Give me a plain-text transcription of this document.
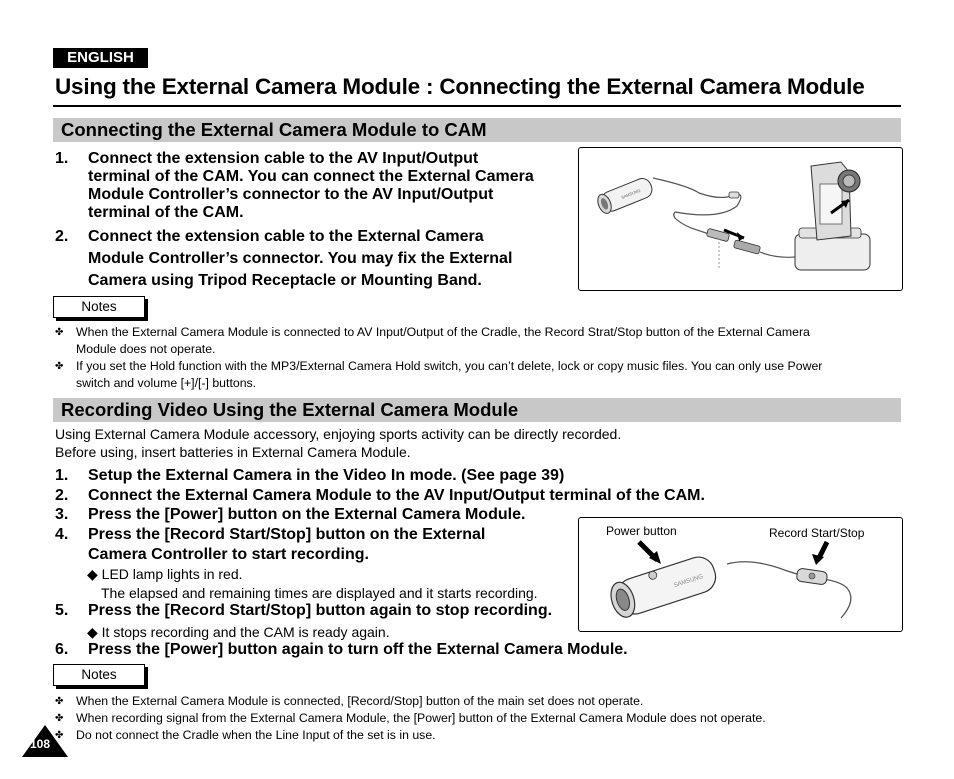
ENGLISH
Using the External Camera Module : Connecting the External Camera Module
Connecting the External Camera Module to CAM
1. Connect the extension cable to the AV Input/Output
terminal of the CAM. You can connect the External Camera
Module Controller’s connector to the AV Input/Output
terminal of the CAM.
2. Connect the extension cable to the External Camera
Module Controller’s connector. You may fix the External
Camera using Tripod Receptacle or Mounting Band.
SAMSUNG
Notes
✤ When the External Camera Module is connected to AV Input/Output of the Cradle, the Record Strat/Stop button of the External Camera
Module does not operate.
✤ If you set the Hold function with the MP3/External Camera Hold switch, you can’t delete, lock or copy music files. You can only use Power
switch and volume [+]/[-] buttons.
Recording Video Using the External Camera Module
Using External Camera Module accessory, enjoying sports activity can be directly recorded.
Before using, insert batteries in External Camera Module.
1. Setup the External Camera in the Video In mode. (See page 39)
2. Connect the External Camera Module to the AV Input/Output terminal of the CAM.
3. Press the [Power] button on the External Camera Module.
4. Press the [Record Start/Stop] button on the External
Camera Controller to start recording.
◆ LED lamp lights in red.
The elapsed and remaining times are displayed and it starts recording.
5. Press the [Record Start/Stop] button again to stop recording.
◆ It stops recording and the CAM is ready again.
6. Press the [Power] button again to turn off the External Camera Module.
Power button	Record Start/Stop
SAMSUNG
Notes
✤ When the External Camera Module is connected, [Record/Stop] button of the main set does not operate.
✤ When recording signal from the External Camera Module, the [Power] button of the External Camera Module does not operate.
✤ Do not connect the Cradle when the Line Input of the set is in use.
108
